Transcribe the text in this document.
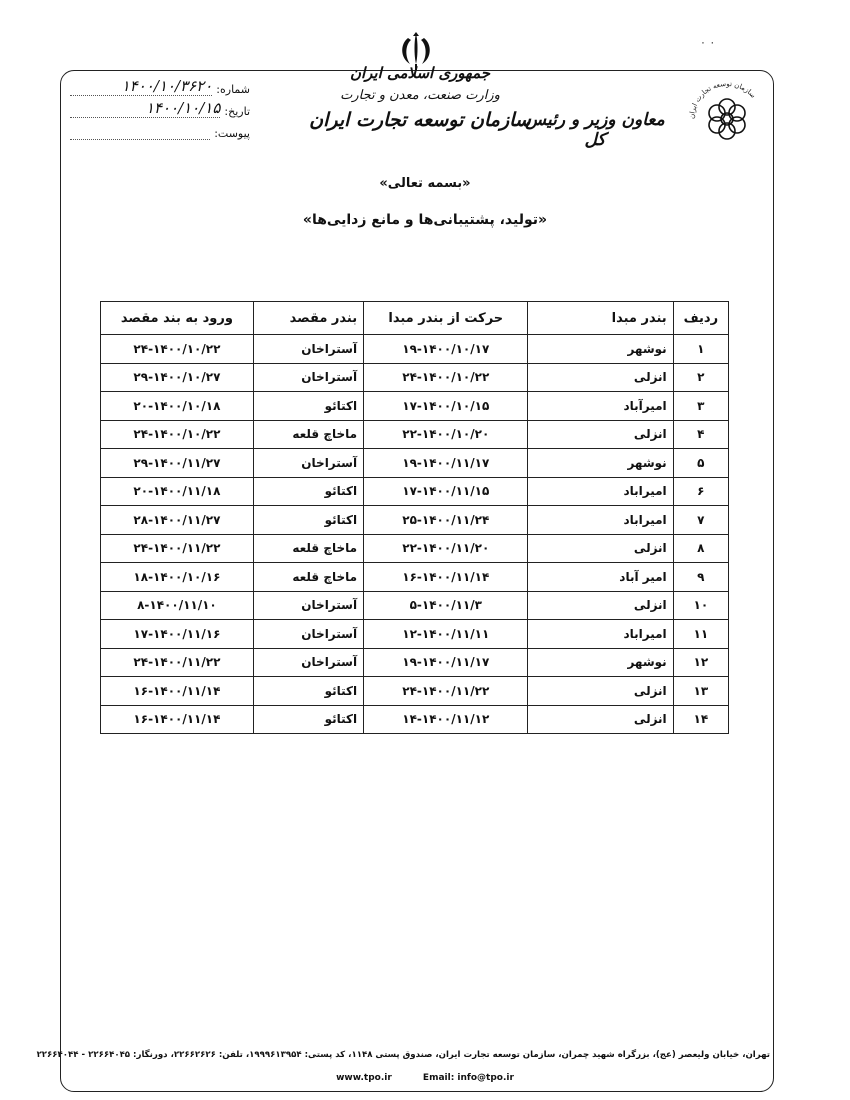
٠ ٠
جمهوری اسلامی ایران
وزارت صنعت، معدن و تجارت
سازمان توسعه تجارت ایران
معاون وزیر و رئیس کل
سازمان توسعه تجارت ایران
شماره:
۱۴۰۰/۱۰/۳۶۲۰
تاریخ:
۱۴۰۰/۱۰/۱۵
پیوست:
«بسمه تعالی»
«تولید، پشتیبانی‌ها و مانع زدایی‌ها»
ردیف	بندر مبدا	حرکت از بندر مبدا	بندر مقصد	ورود به بند مقصد
۱	نوشهر	۱۹-۱۴۰۰/۱۰/۱۷	آستراخان	۲۴-۱۴۰۰/۱۰/۲۲
۲	انزلی	۲۴-۱۴۰۰/۱۰/۲۲	آستراخان	۲۹-۱۴۰۰/۱۰/۲۷
۳	امیرآباد	۱۷-۱۴۰۰/۱۰/۱۵	اکتائو	۲۰-۱۴۰۰/۱۰/۱۸
۴	انزلی	۲۲-۱۴۰۰/۱۰/۲۰	ماخاچ قلعه	۲۴-۱۴۰۰/۱۰/۲۲
۵	نوشهر	۱۹-۱۴۰۰/۱۱/۱۷	آستراخان	۲۹-۱۴۰۰/۱۱/۲۷
۶	امیراباد	۱۷-۱۴۰۰/۱۱/۱۵	اکتائو	۲۰-۱۴۰۰/۱۱/۱۸
۷	امیراباد	۲۵-۱۴۰۰/۱۱/۲۴	اکتائو	۲۸-۱۴۰۰/۱۱/۲۷
۸	انزلی	۲۲-۱۴۰۰/۱۱/۲۰	ماخاچ قلعه	۲۴-۱۴۰۰/۱۱/۲۲
۹	امیر آباد	۱۶-۱۴۰۰/۱۱/۱۴	ماخاچ قلعه	۱۸-۱۴۰۰/۱۰/۱۶
۱۰	انزلی	۵-۱۴۰۰/۱۱/۳	آستراخان	۸-۱۴۰۰/۱۱/۱۰
۱۱	امیراباد	۱۲-۱۴۰۰/۱۱/۱۱	آستراخان	۱۷-۱۴۰۰/۱۱/۱۶
۱۲	نوشهر	۱۹-۱۴۰۰/۱۱/۱۷	آستراخان	۲۴-۱۴۰۰/۱۱/۲۲
۱۳	انزلی	۲۴-۱۴۰۰/۱۱/۲۲	اکتائو	۱۶-۱۴۰۰/۱۱/۱۴
۱۴	انزلی	۱۴-۱۴۰۰/۱۱/۱۲	اکتائو	۱۶-۱۴۰۰/۱۱/۱۴
تهران، خیابان ولیعصر (عج)، بزرگراه شهید چمران، سازمان توسعه تجارت ایران، صندوق پستی ۱۱۴۸، کد پستی: ۱۹۹۹۶۱۳۹۵۴، تلفن: ۲۲۶۶۲۶۲۶، دورنگار: ۲۲۶۶۴۰۴۵ - ۲۲۶۶۴۰۴۴
www.tpo.ir	Email: info@tpo.ir
